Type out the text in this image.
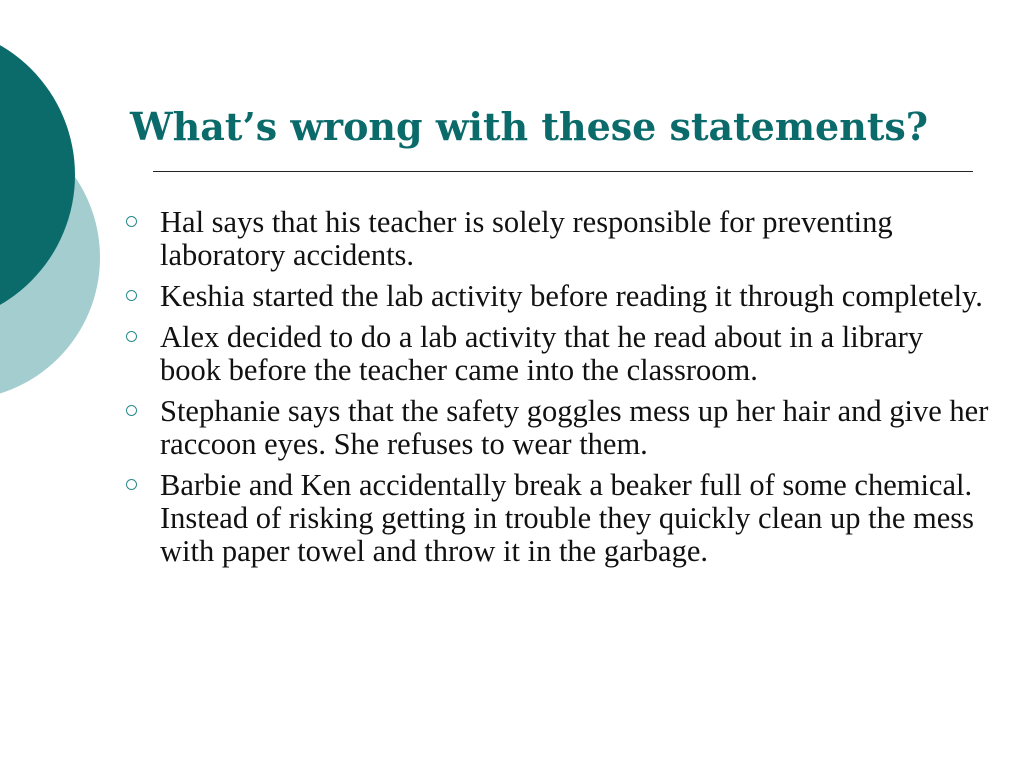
What’s wrong with these statements?
Hal says that his teacher is solely responsible for preventing laboratory accidents.
Keshia started the lab activity before reading it through completely.
Alex decided to do a lab activity that he read about in a library book before the teacher came into the classroom.
Stephanie says that the safety goggles mess up her hair and give her raccoon eyes. She refuses to wear them.
Barbie and Ken accidentally break a beaker full of some chemical. Instead of risking getting in trouble they quickly clean up the mess with paper towel and throw it in the garbage.
